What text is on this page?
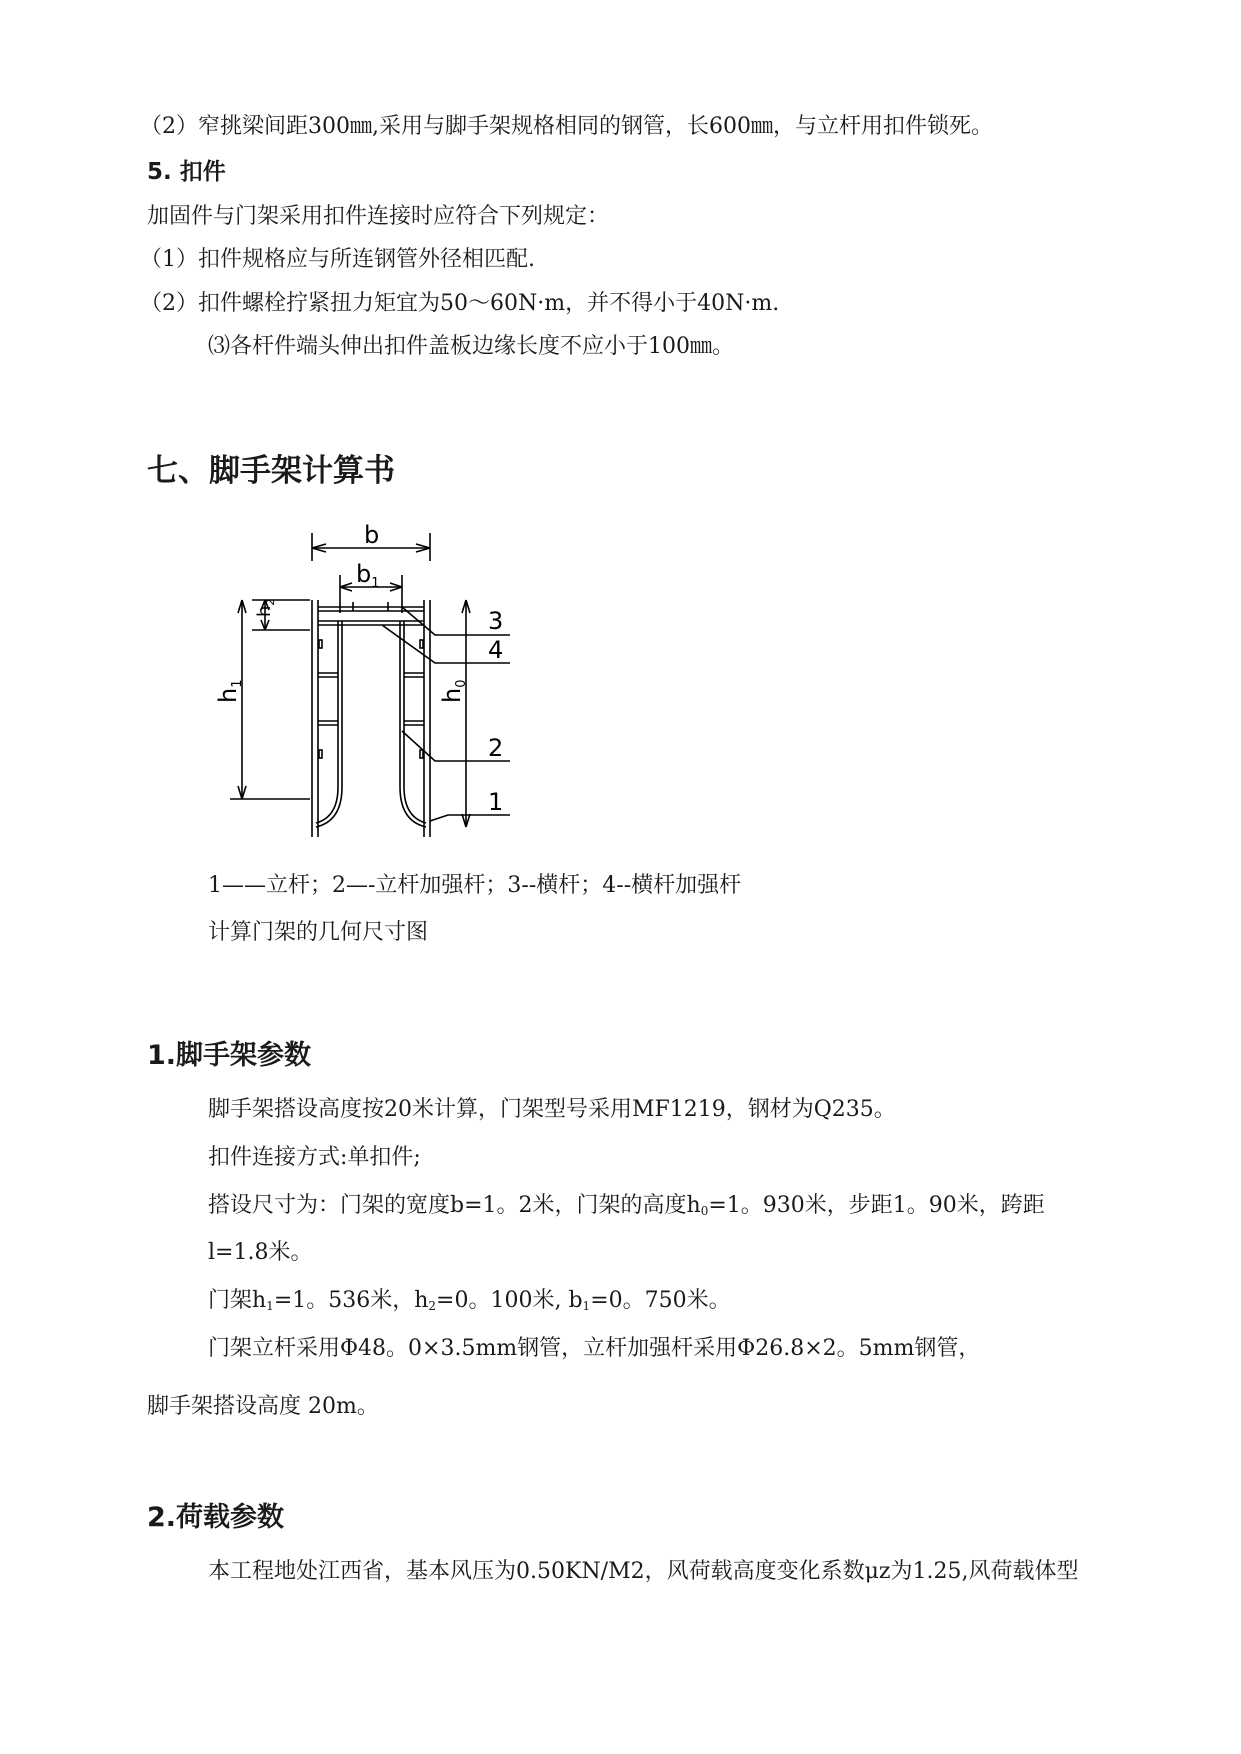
（2）窄挑梁间距300㎜,采用与脚手架规格相同的钢管，长600㎜，与立杆用扣件锁死。
5. 扣件
加固件与门架采用扣件连接时应符合下列规定：
（1）扣件规格应与所连钢管外径相匹配.
（2）扣件螺栓拧紧扭力矩宜为50～60N·m，并不得小于40N·m.
⑶各杆件端头伸出扣件盖板边缘长度不应小于100㎜。
七、脚手架计算书
b
$b_1$
$h_2$
$h_1$
$h_0$
3
4
2
1
1——立杆；2—-立杆加强杆；3--横杆；4--横杆加强杆
计算门架的几何尺寸图
1.脚手架参数
脚手架搭设高度按20米计算，门架型号采用MF1219，钢材为Q235。
扣件连接方式:单扣件;
搭设尺寸为：门架的宽度b=1。2米，门架的高度$h_0=1$。930米，步距1。90米，跨距
l=1.8米。
门架$h_1=1$。536米，$h_2=0$。100米, $b_1=0$。750米。
门架立杆采用Φ48。0×3.5mm钢管，立杆加强杆采用Φ26.8×2。5mm钢管，
脚手架搭设高度 20m。
2.荷载参数
本工程地处江西省，基本风压为0.50KN/M2，风荷载高度变化系数μz为1.25,风荷载体型
